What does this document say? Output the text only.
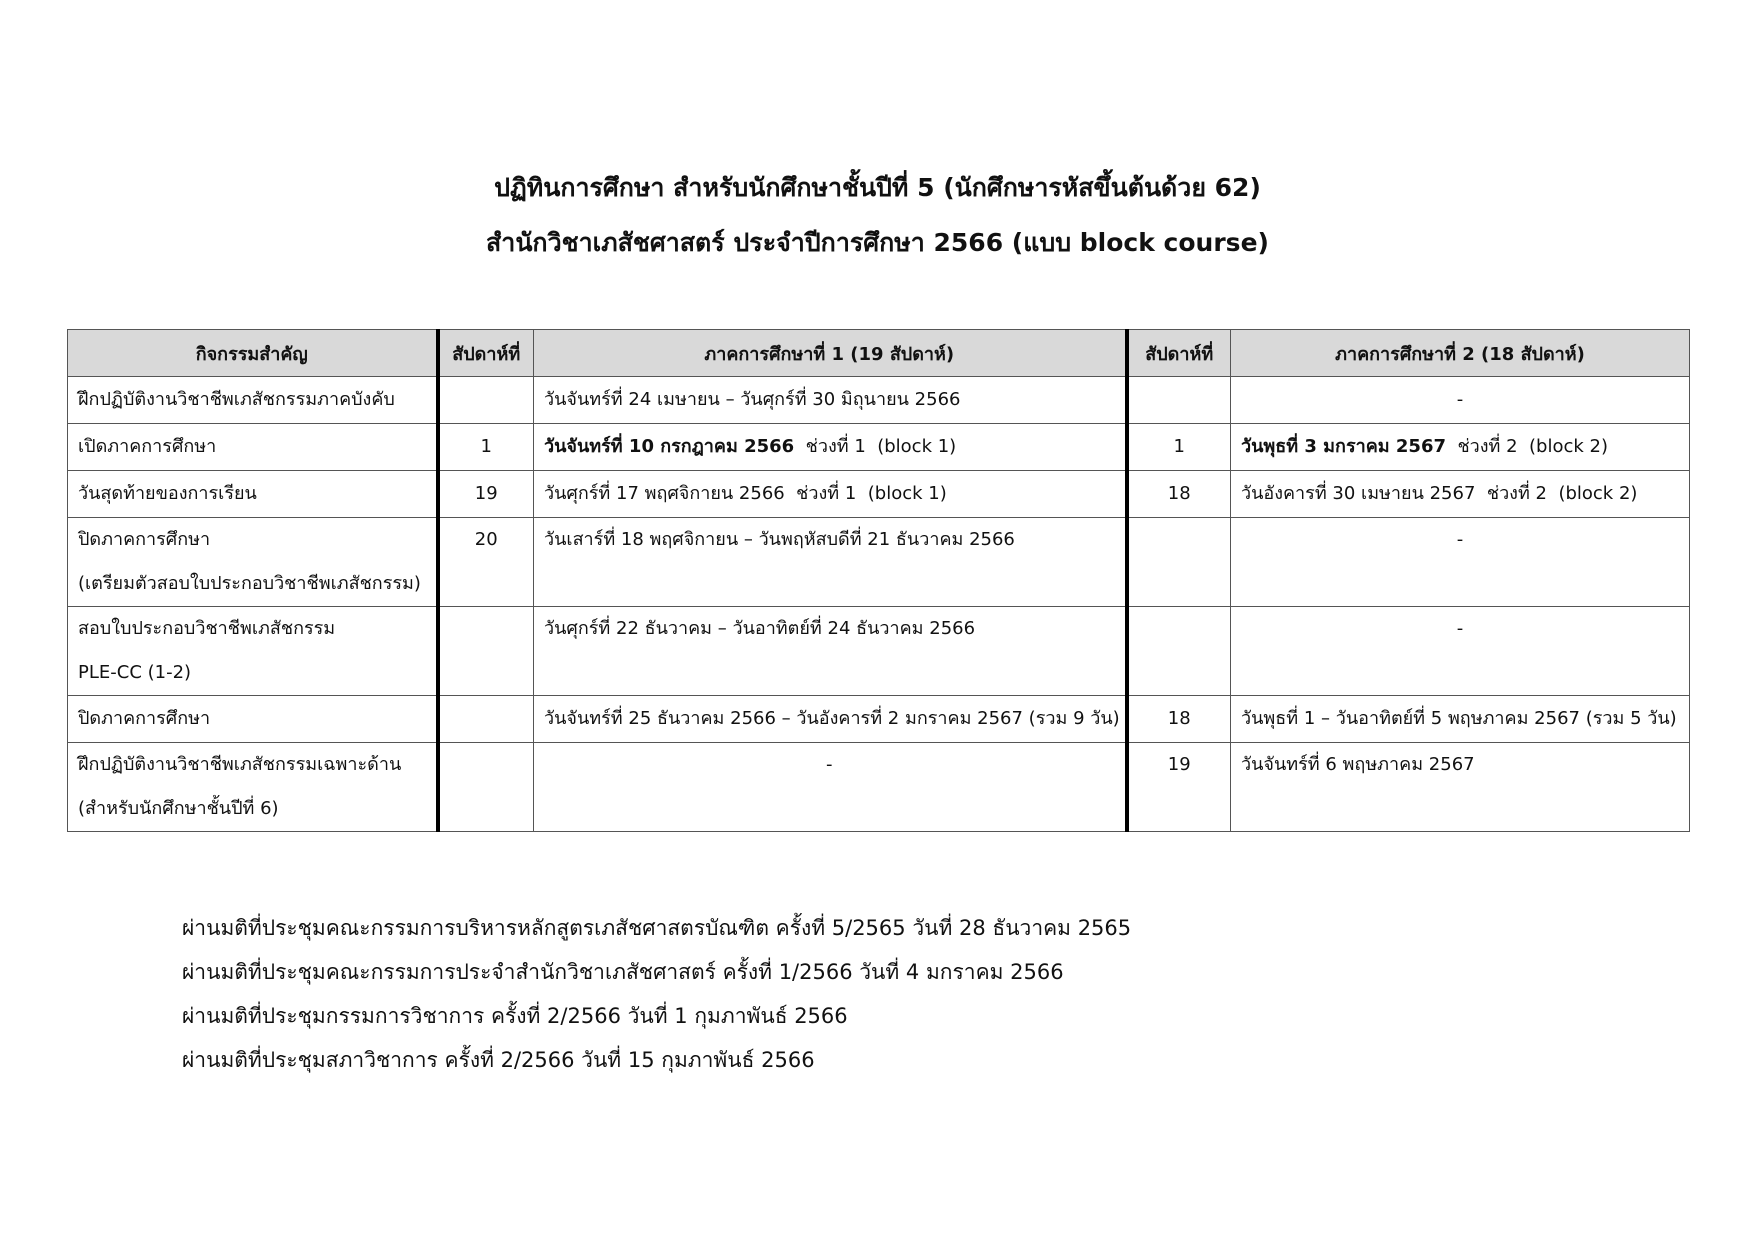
ปฏิทินการศึกษา สำหรับนักศึกษาชั้นปีที่ 5 (นักศึกษารหัสขึ้นต้นด้วย 62)
สำนักวิชาเภสัชศาสตร์ ประจำปีการศึกษา 2566 (แบบ block course)
กิจกรรมสำคัญ	สัปดาห์ที่	ภาคการศึกษาที่ 1 (19 สัปดาห์)	สัปดาห์ที่	ภาคการศึกษาที่ 2 (18 สัปดาห์)

ฝึกปฏิบัติงานวิชาชีพเภสัชกรรมภาคบังคับ		วันจันทร์ที่ 24 เมษายน – วันศุกร์ที่ 30 มิถุนายน 2566		-

เปิดภาคการศึกษา	1	วันจันทร์ที่ 10 กรกฎาคม 2566  ช่วงที่ 1  (block 1)	1	วันพุธที่ 3 มกราคม 2567  ช่วงที่ 2  (block 2)

วันสุดท้ายของการเรียน	19	วันศุกร์ที่ 17 พฤศจิกายน 2566  ช่วงที่ 1  (block 1)	18	วันอังคารที่ 30 เมษายน 2567  ช่วงที่ 2  (block 2)

ปิดภาคการศึกษา
(เตรียมตัวสอบใบประกอบวิชาชีพเภสัชกรรม)	20	วันเสาร์ที่ 18 พฤศจิกายน – วันพฤหัสบดีที่ 21 ธันวาคม 2566		-

สอบใบประกอบวิชาชีพเภสัชกรรม
PLE-CC (1-2)		วันศุกร์ที่ 22 ธันวาคม – วันอาทิตย์ที่ 24 ธันวาคม 2566		-

ปิดภาคการศึกษา		วันจันทร์ที่ 25 ธันวาคม 2566 – วันอังคารที่ 2 มกราคม 2567 (รวม 9 วัน)	18	วันพุธที่ 1 – วันอาทิตย์ที่ 5 พฤษภาคม 2567 (รวม 5 วัน)

ฝึกปฏิบัติงานวิชาชีพเภสัชกรรมเฉพาะด้าน
(สำหรับนักศึกษาชั้นปีที่ 6)		-	19	วันจันทร์ที่ 6 พฤษภาคม 2567
ผ่านมติที่ประชุมคณะกรรมการบริหารหลักสูตรเภสัชศาสตรบัณฑิต ครั้งที่ 5/2565 วันที่ 28 ธันวาคม 2565
ผ่านมติที่ประชุมคณะกรรมการประจำสำนักวิชาเภสัชศาสตร์ ครั้งที่ 1/2566 วันที่ 4 มกราคม 2566
ผ่านมติที่ประชุมกรรมการวิชาการ ครั้งที่ 2/2566 วันที่ 1 กุมภาพันธ์ 2566
ผ่านมติที่ประชุมสภาวิชาการ ครั้งที่ 2/2566 วันที่ 15 กุมภาพันธ์ 2566
